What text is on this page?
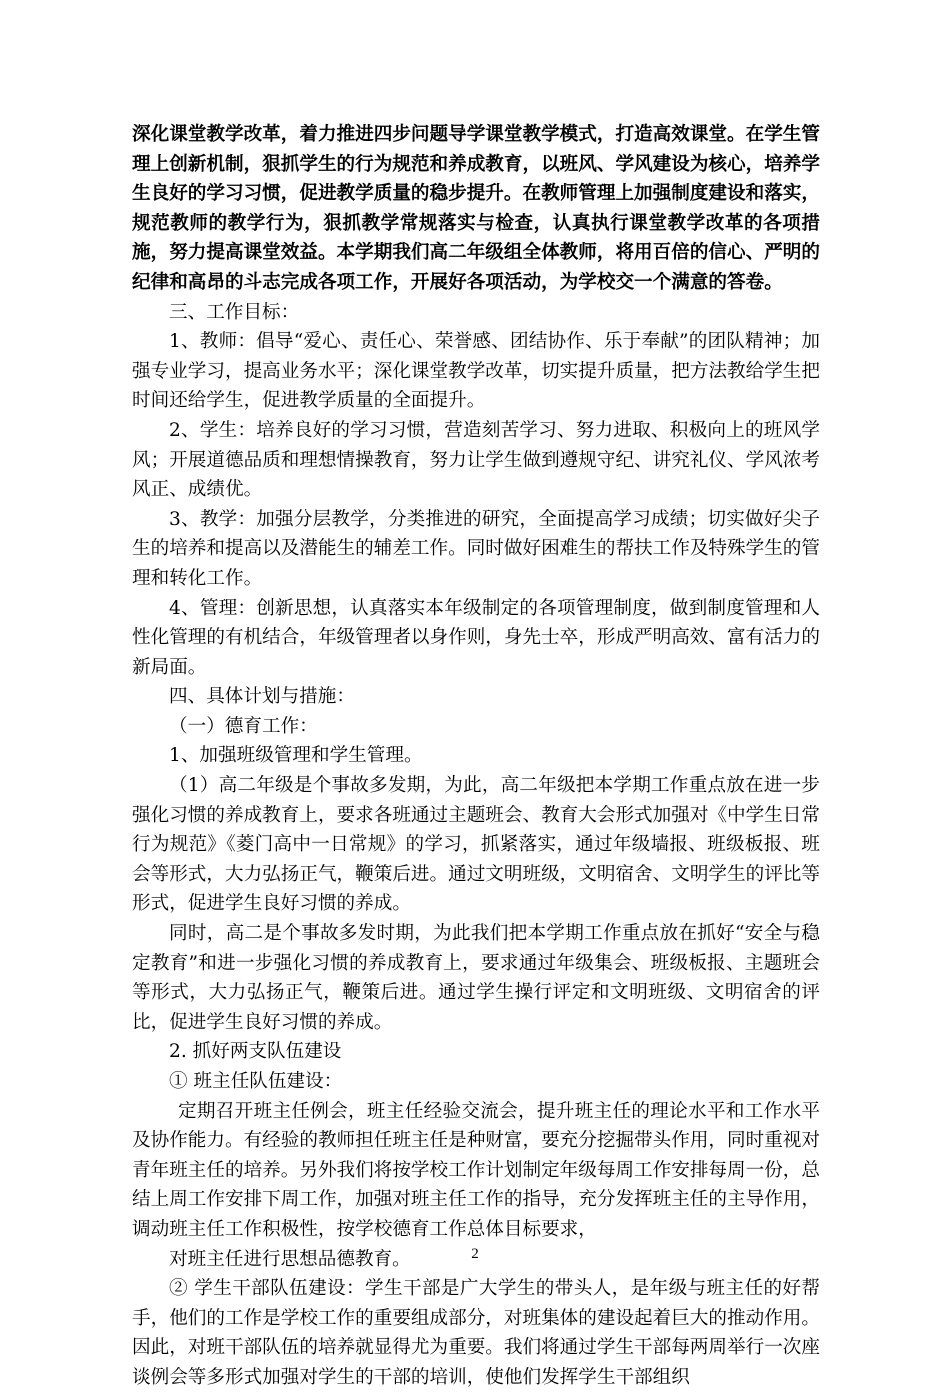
深化课堂教学改革，着力推进四步问题导学课堂教学模式，打造高效课堂。在学生管理上创新机制，狠抓学生的行为规范和养成教育，以班风、学风建设为核心，培养学生良好的学习习惯，促进教学质量的稳步提升。在教师管理上加强制度建设和落实，规范教师的教学行为，狠抓教学常规落实与检查，认真执行课堂教学改革的各项措施，努力提高课堂效益。本学期我们高二年级组全体教师，将用百倍的信心、严明的纪律和高昂的斗志完成各项工作，开展好各项活动，为学校交一个满意的答卷。

三、工作目标：

1、教师：倡导“爱心、责任心、荣誉感、团结协作、乐于奉献”的团队精神；加强专业学习，提高业务水平；深化课堂教学改革，切实提升质量，把方法教给学生把时间还给学生，促进教学质量的全面提升。

2、学生：培养良好的学习习惯，营造刻苦学习、努力进取、积极向上的班风学风；开展道德品质和理想情操教育，努力让学生做到遵规守纪、讲究礼仪、学风浓考风正、成绩优。

3、教学：加强分层教学，分类推进的研究，全面提高学习成绩；切实做好尖子生的培养和提高以及潜能生的辅差工作。同时做好困难生的帮扶工作及特殊学生的管理和转化工作。

4、管理：创新思想，认真落实本年级制定的各项管理制度，做到制度管理和人性化管理的有机结合，年级管理者以身作则，身先士卒，形成严明高效、富有活力的新局面。

四、具体计划与措施：

（一）德育工作：

1、加强班级管理和学生管理。

（1）高二年级是个事故多发期，为此，高二年级把本学期工作重点放在进一步强化习惯的养成教育上，要求各班通过主题班会、教育大会形式加强对《中学生日常行为规范》《菱门高中一日常规》的学习，抓紧落实，通过年级墙报、班级板报、班会等形式，大力弘扬正气，鞭策后进。通过文明班级，文明宿舍、文明学生的评比等形式，促进学生良好习惯的养成。

同时，高二是个事故多发时期，为此我们把本学期工作重点放在抓好“安全与稳定教育”和进一步强化习惯的养成教育上，要求通过年级集会、班级板报、主题班会等形式，大力弘扬正气，鞭策后进。通过学生操行评定和文明班级、文明宿舍的评比，促进学生良好习惯的养成。

2. 抓好两支队伍建设

① 班主任队伍建设：

定期召开班主任例会，班主任经验交流会，提升班主任的理论水平和工作水平及协作能力。有经验的教师担任班主任是种财富，要充分挖掘带头作用，同时重视对青年班主任的培养。另外我们将按学校工作计划制定年级每周工作安排每周一份，总结上周工作安排下周工作，加强对班主任工作的指导，充分发挥班主任的主导作用，调动班主任工作积极性，按学校德育工作总体目标要求，

对班主任进行思想品德教育。

② 学生干部队伍建设：学生干部是广大学生的带头人，是年级与班主任的好帮手，他们的工作是学校工作的重要组成部分，对班集体的建设起着巨大的推动作用。因此，对班干部队伍的培养就显得尤为重要。我们将通过学生干部每两周举行一次座谈例会等多形式加强对学生的干部的培训，使他们发挥学生干部组织

2
